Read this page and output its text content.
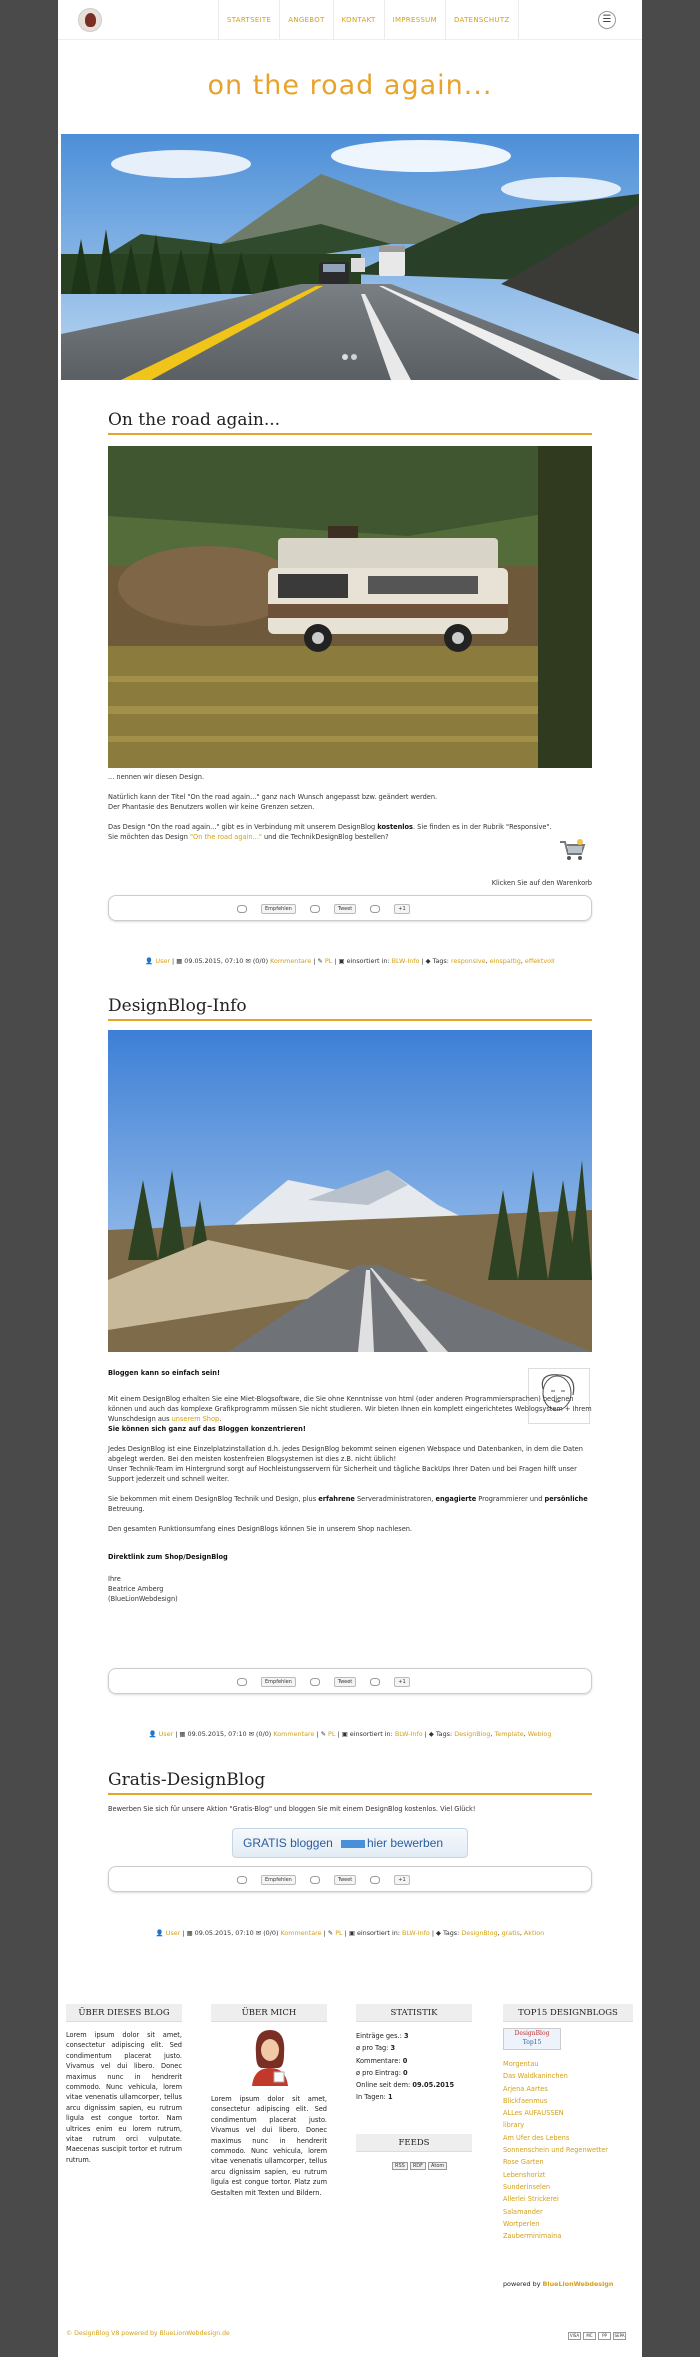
STARTSEITE	ANGEBOT	KONTAKT	IMPRESSUM	DATENSCHUTZ	☰
on the road again...
On the road again...
... nennen wir diesen Design.
Natürlich kann der Titel "On the road again..." ganz nach Wunsch angepasst bzw. geändert werden.
Der Phantasie des Benutzers wollen wir keine Grenzen setzen.
Das Design "On the road again..." gibt es in Verbindung mit unserem DesignBlog kostenlos. Sie finden es in der Rubrik "Responsive".
Sie möchten das Design "On the road again..." und die TechnikDesignBlog bestellen?
Klicken Sie auf den Warenkorb
Empfehlen	Tweet	+1
👤 User | ▦ 09.05.2015, 07:10 ✉ (0/0) Kommentare | ✎ PL | ▣ einsortiert in: BLW-Info | ◆ Tags: responsive, einspaltig, effektvoll
DesignBlog-Info
Bloggen kann so einfach sein!
Mit einem DesignBlog erhalten Sie eine Miet-Blogsoftware, die Sie ohne Kenntnisse von html (oder anderen Programmiersprachen) bedienen können und auch das komplexe Grafikprogramm müssen Sie nicht studieren. Wir bieten Ihnen ein komplett eingerichtetes Weblogsystem + Ihrem Wunschdesign aus unserem Shop.
Sie können sich ganz auf das Bloggen konzentrieren!
Jedes DesignBlog ist eine Einzelplatzinstallation d.h. jedes DesignBlog bekommt seinen eigenen Webspace und Datenbanken, in dem die Daten abgelegt werden. Bei den meisten kostenfreien Blogsystemen ist dies z.B. nicht üblich!
Unser Technik-Team im Hintergrund sorgt auf Hochleistungsservern für Sicherheit und tägliche BackUps Ihrer Daten und bei Fragen hilft unser Support jederzeit und schnell weiter.
Sie bekommen mit einem DesignBlog Technik und Design, plus erfahrene Serveradministratoren, engagierte Programmierer und persönliche Betreuung.
Den gesamten Funktionsumfang eines DesignBlogs können Sie in unserem Shop nachlesen.
Direktlink zum Shop/DesignBlog
Ihre
Beatrice Amberg
(BlueLionWebdesign)
Empfehlen	Tweet	+1
👤 User | ▦ 09.05.2015, 07:10 ✉ (0/0) Kommentare | ✎ PL | ▣ einsortiert in: BLW-Info | ◆ Tags: DesignBlog, Template, Weblog
Gratis-DesignBlog
Bewerben Sie sich für unsere Aktion "Gratis-Blog" und bloggen Sie mit einem DesignBlog kostenlos. Viel Glück!
GRATIS bloggen	hier bewerben
Empfehlen	Tweet	+1
👤 User | ▦ 09.05.2015, 07:10 ✉ (0/0) Kommentare | ✎ PL | ▣ einsortiert in: BLW-Info | ◆ Tags: DesignBlog, gratis, Aktion
ÜBER DIESES BLOG
Lorem ipsum dolor sit amet, consectetur adipiscing elit. Sed condimentum placerat justo. Vivamus vel dui libero. Donec maximus nunc in hendrerit commodo. Nunc vehicula, lorem vitae venenatis ullamcorper, tellus arcu dignissim sapien, eu rutrum ligula est congue tortor. Nam ultrices enim eu lorem rutrum, vitae rutrum orci vulputate. Maecenas suscipit tortor et rutrum rutrum.
ÜBER MICH
Lorem ipsum dolor sit amet, consectetur adipiscing elit. Sed condimentum placerat justo. Vivamus vel dui libero. Donec maximus nunc in hendrerit commodo. Nunc vehicula, lorem vitae venenatis ullamcorper, tellus arcu dignissim sapien, eu rutrum ligula est congue tortor. Platz zum Gestalten mit Texten und Bildern.
STATISTIK
Einträge ges.: 3
ø pro Tag: 3
Kommentare: 0
ø pro Eintrag: 0
Online seit dem: 09.05.2015
In Tagen: 1
FEEDS
RSS	RDF	Atom
TOP15 DESIGNBLOGS
DesignBlog
Top15
Morgentau
Das Waldkaninchen
Arjena Aartes
Blickfaenmus
ALLes AUFAUSSEN
library
Am Ufer des Lebens
Sonnenschein und Regenwetter
Rose Garten
Lebenshorizt
Sunderinselen
Allerlei Strickerei
Salamander
Wortperlen
Zauberminimaina
powered by BlueLionWebdesign
© DesignBlog V8 powered by BlueLionWebdesign.de	VISA	MC	PP	SEPA
